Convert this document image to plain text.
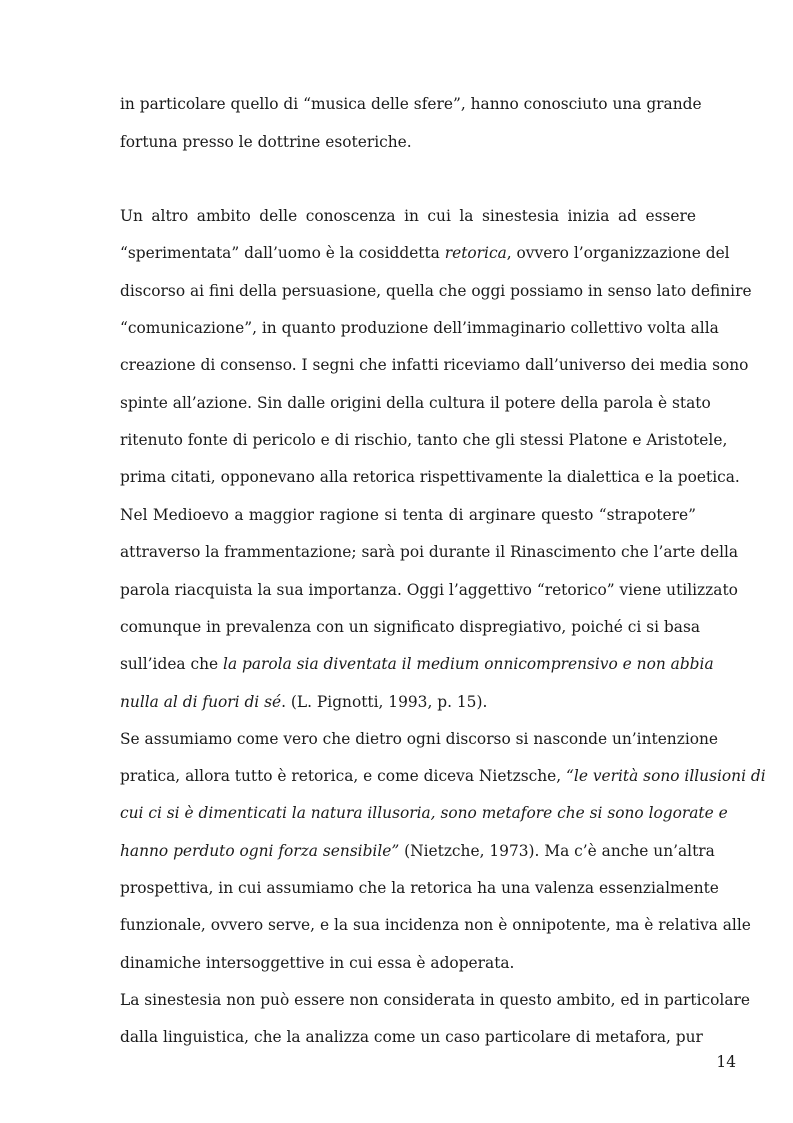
in particolare quello di “musica delle sfere”, hanno conosciuto una grande
fortuna presso le dottrine esoteriche.
Un altro ambito delle conoscenza in cui la sinestesia inizia ad essere
“sperimentata” dall’uomo è la cosiddetta retorica, ovvero l’organizzazione del
discorso ai fini della persuasione, quella che oggi possiamo in senso lato definire
“comunicazione”, in quanto produzione dell’immaginario collettivo volta alla
creazione di consenso. I segni che infatti riceviamo dall’universo dei media sono
spinte all’azione. Sin dalle origini della cultura il potere della parola è stato
ritenuto fonte di pericolo e di rischio, tanto che gli stessi Platone e Aristotele,
prima citati, opponevano alla retorica rispettivamente la dialettica e la poetica.
Nel Medioevo a maggior ragione si tenta di arginare questo “strapotere”
attraverso la frammentazione; sarà poi durante il Rinascimento che l’arte della
parola riacquista la sua importanza. Oggi l’aggettivo “retorico” viene utilizzato
comunque in prevalenza con un significato dispregiativo, poiché ci si basa
sull’idea che la parola sia diventata il medium onnicomprensivo e non abbia
nulla al di fuori di sé. (L. Pignotti, 1993, p. 15).
Se assumiamo come vero che dietro ogni discorso si nasconde un’intenzione
pratica, allora tutto è retorica, e come diceva Nietzsche, “le verità sono illusioni di
cui ci si è dimenticati la natura illusoria, sono metafore che si sono logorate e
hanno perduto ogni forza sensibile” (Nietzche, 1973). Ma c’è anche un’altra
prospettiva, in cui assumiamo che la retorica ha una valenza essenzialmente
funzionale, ovvero serve, e la sua incidenza non è onnipotente, ma è relativa alle
dinamiche intersoggettive in cui essa è adoperata.
La sinestesia non può essere non considerata in questo ambito, ed in particolare
dalla linguistica, che la analizza come un caso particolare di metafora, pur
14
